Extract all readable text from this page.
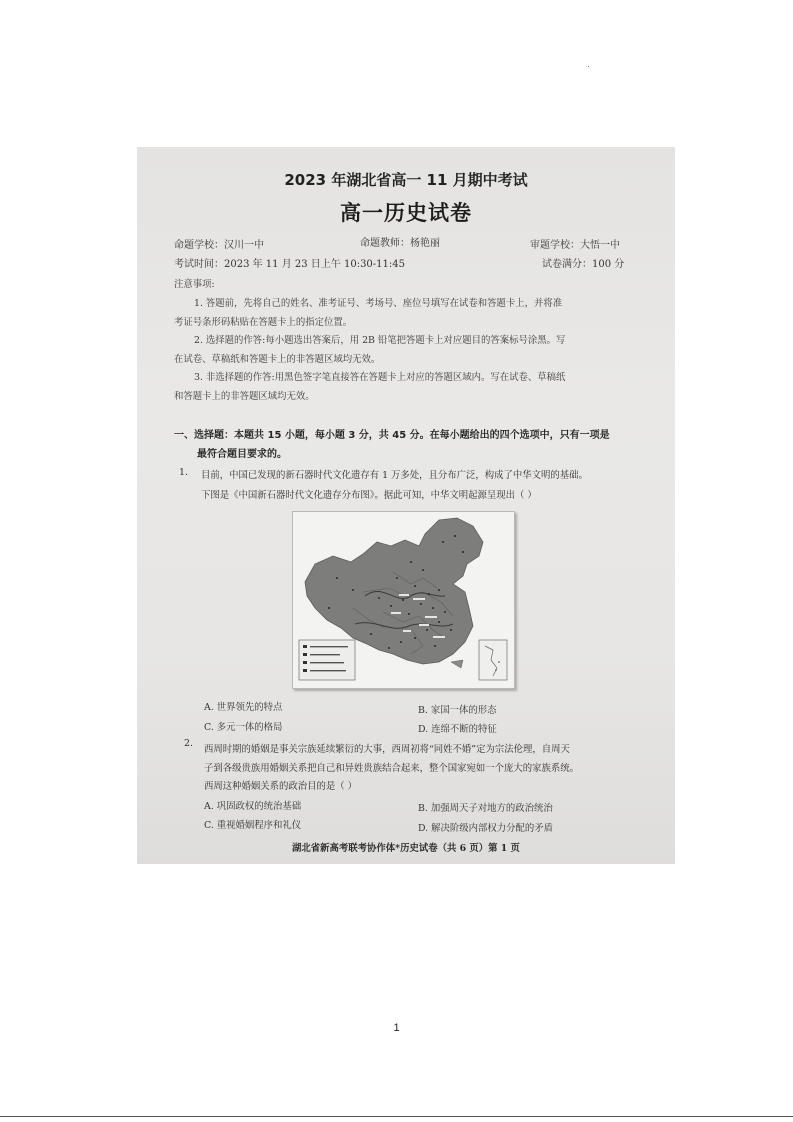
2023 年湖北省高一 11 月期中考试
高一历史试卷
命题学校：汉川一中	命题教师：杨艳丽	审题学校：大悟一中
考试时间：2023 年 11 月 23 日上午 10:30-11:45	试卷满分：100 分
注意事项:
1. 答题前，先将自己的姓名、准考证号、考场号、座位号填写在试卷和答题卡上，并将准
考证号条形码粘贴在答题卡上的指定位置。
2. 选择题的作答:每小题选出答案后，用 2B 铅笔把答题卡上对应题目的答案标号涂黑。写
在试卷、草稿纸和答题卡上的非答题区域均无效。
3. 非选择题的作答:用黑色签字笔直接答在答题卡上对应的答题区域内。写在试卷、草稿纸
和答题卡上的非答题区域均无效。
一、选择题：本题共 15 小题，每小题 3 分，共 45 分。在每小题给出的四个选项中，只有一项是
最符合题目要求的。
1. 目前，中国已发现的新石器时代文化遗存有 1 万多处，且分布广泛，构成了中华文明的基础。
下图是《中国新石器时代文化遗存分布图》。据此可知，中华文明起源呈现出（ ）
A. 世界领先的特点	B. 家国一体的形态
C. 多元一体的格局	D. 连绵不断的特征
2.
西周时期的婚姻是事关宗族延续繁衍的大事，西周初将“同姓不婚”定为宗法伦理，自周天
子到各级贵族用婚姻关系把自己和异姓贵族结合起来，整个国家宛如一个庞大的家族系统。
西周这种婚姻关系的政治目的是（ ）
A. 巩固政权的统治基础	B. 加强周天子对地方的政治统治
C. 重视婚姻程序和礼仪	D. 解决阶级内部权力分配的矛盾
湖北省新高考联考协作体*历史试卷（共 6 页）第 1 页
1
